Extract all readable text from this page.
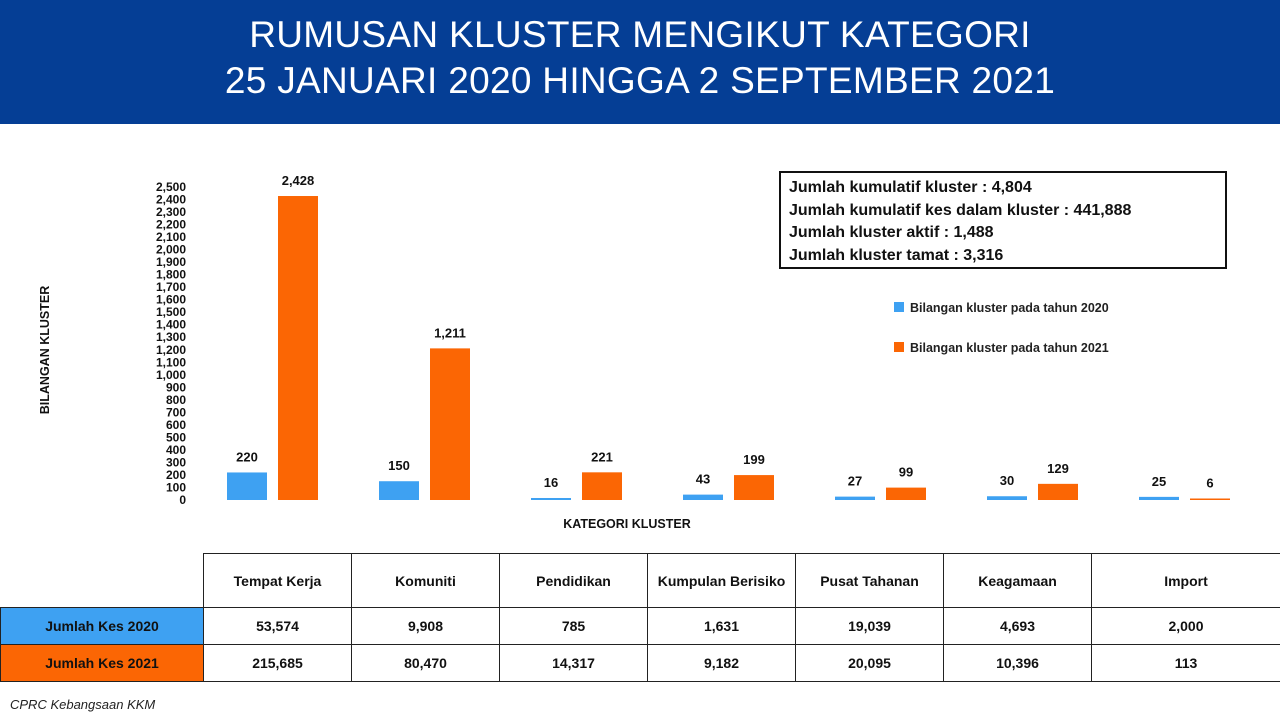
RUMUSAN KLUSTER MENGIKUT KATEGORI
25 JANUARI 2020 HINGGA 2 SEPTEMBER 2021
0
100
200
300
400
500
600
700
800
900
1,000
1,100
1,200
1,300
1,400
1,500
1,600
1,700
1,800
1,900
2,000
2,100
2,200
2,300
2,400
2,500
BILANGAN KLUSTER
KATEGORI KLUSTER
220
2,428
150
1,211
16
221
43
199
27
99
30
129
25	6
Bilangan kluster pada tahun 2020
Bilangan kluster pada tahun 2021
Jumlah kumulatif kluster : 4,804
Jumlah kumulatif kes dalam kluster : 441,888
Jumlah kluster aktif : 1,488
Jumlah kluster tamat : 3,316
	Tempat Kerja	Komuniti	Pendidikan	Kumpulan Berisiko	Pusat Tahanan	Keagamaan	Import
Jumlah Kes 2020	53,574	9,908	785	1,631	19,039	4,693	2,000
Jumlah Kes 2021	215,685	80,470	14,317	9,182	20,095	10,396	113
CPRC Kebangsaan KKM
